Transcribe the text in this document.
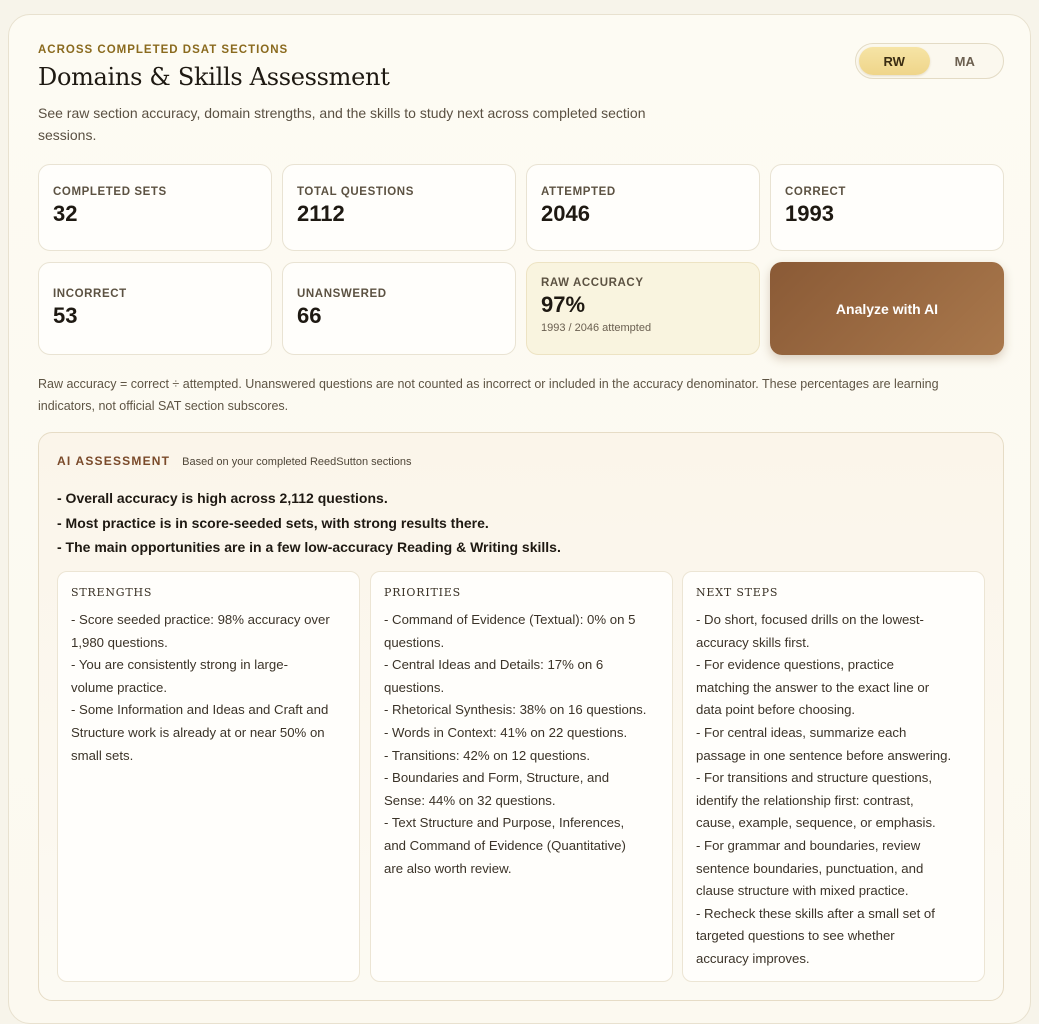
ACROSS COMPLETED DSAT SECTIONS
Domains & Skills Assessment
See raw section accuracy, domain strengths, and the skills to study next across completed section sessions.
RW	MA
COMPLETED SETS
32
TOTAL QUESTIONS
2112
ATTEMPTED
2046
CORRECT
1993
INCORRECT
53
UNANSWERED
66
RAW ACCURACY
97%
1993 / 2046 attempted
Analyze with AI
Raw accuracy = correct ÷ attempted. Unanswered questions are not counted as incorrect or included in the accuracy denominator. These percentages are learning indicators, not official SAT section subscores.
AI ASSESSMENT Based on your completed ReedSutton sections
- Overall accuracy is high across 2,112 questions.
- Most practice is in score-seeded sets, with strong results there.
- The main opportunities are in a few low-accuracy Reading & Writing skills.
STRENGTHS
- Score seeded practice: 98% accuracy over
1,980 questions.
- You are consistently strong in large-
volume practice.
- Some Information and Ideas and Craft and
Structure work is already at or near 50% on
small sets.
PRIORITIES
- Command of Evidence (Textual): 0% on 5
questions.
- Central Ideas and Details: 17% on 6
questions.
- Rhetorical Synthesis: 38% on 16 questions.
- Words in Context: 41% on 22 questions.
- Transitions: 42% on 12 questions.
- Boundaries and Form, Structure, and
Sense: 44% on 32 questions.
- Text Structure and Purpose, Inferences,
and Command of Evidence (Quantitative)
are also worth review.
NEXT STEPS
- Do short, focused drills on the lowest-
accuracy skills first.
- For evidence questions, practice
matching the answer to the exact line or
data point before choosing.
- For central ideas, summarize each
passage in one sentence before answering.
- For transitions and structure questions,
identify the relationship first: contrast,
cause, example, sequence, or emphasis.
- For grammar and boundaries, review
sentence boundaries, punctuation, and
clause structure with mixed practice.
- Recheck these skills after a small set of
targeted questions to see whether
accuracy improves.
